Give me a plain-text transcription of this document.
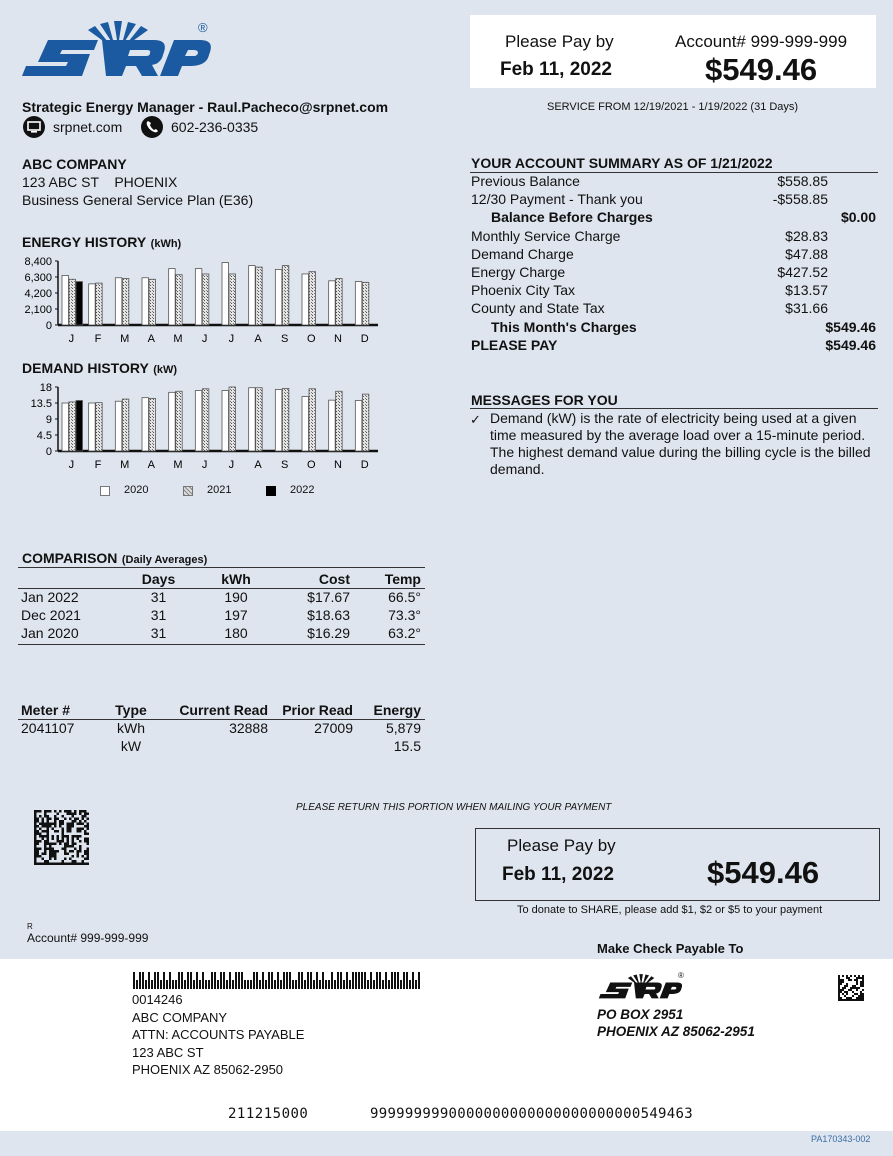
®
Please Pay by
Feb 11, 2022
Account# 999-999-999
$549.46
SERVICE FROM 12/19/2021 - 1/19/2022 (31 Days)
Strategic Energy Manager - Raul.Pacheco@srpnet.com
srpnet.com	602-236-0335
ABC COMPANY
123 ABC ST    PHOENIX
Business General Service Plan (E36)
ENERGY HISTORY (kWh)
8,400
6,300
4,200
2,100
0
J F M A M J J A S O N D
DEMAND HISTORY (kW)
18
13.5
9
4.5
0
J F M A M J J A S O N D
2020	2021	2022
YOUR ACCOUNT SUMMARY AS OF 1/21/2022
Previous Balance	$558.85
12/30 Payment - Thank you	-$558.85
Balance Before Charges	$0.00
Monthly Service Charge	$28.83
Demand Charge	$47.88
Energy Charge	$427.52
Phoenix City Tax	$13.57
County and State Tax	$31.66
This Month's Charges	$549.46
PLEASE PAY	$549.46
MESSAGES FOR YOU
✓ Demand (kW) is the rate of electricity being used at a given time measured by the average load over a 15-minute period. The highest demand value during the billing cycle is the billed demand.
COMPARISON (Daily Averages)
	Days	kWh	Cost	Temp
Jan 2022	31	190	$17.67	66.5°
Dec 2021	31	197	$18.63	73.3°
Jan 2020	31	180	$16.29	63.2°
Meter #	Type	Current Read	Prior Read	Energy
2041107	kWh	32888	27009	5,879
	kW			15.5
PLEASE RETURN THIS PORTION WHEN MAILING YOUR PAYMENT
Please Pay by
Feb 11, 2022	$549.46
To donate to SHARE, please add $1, $2 or $5 to your payment
R
Account# 999-999-999
Make Check Payable To
0014246
ABC COMPANY
ATTN: ACCOUNTS PAYABLE
123 ABC ST
PHOENIX AZ 85062-2950
®
PO BOX 2951
PHOENIX AZ 85062-2951
211215000	9999999990000000000000000000000549463
PA170343-002
